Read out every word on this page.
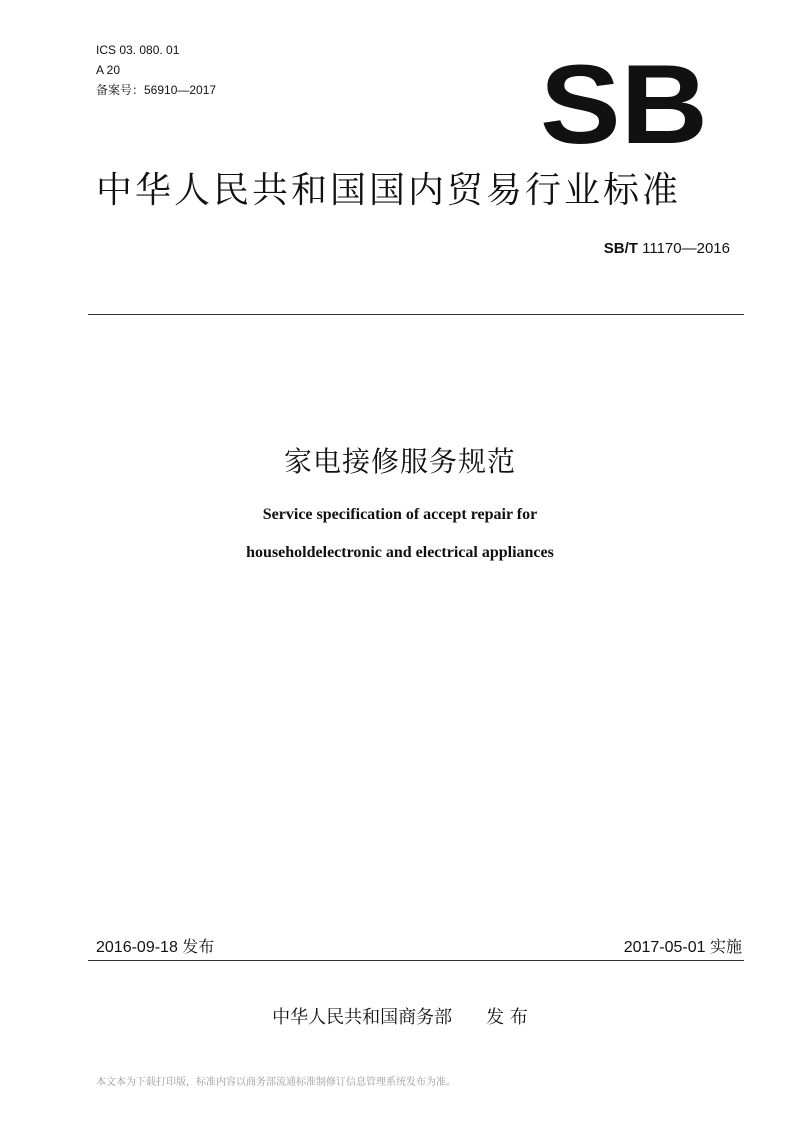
ICS 03. 080. 01
A 20
备案号：56910—2017	SB
中华人民共和国国内贸易行业标准
SB/T 11170—2016
家电接修服务规范
Service specification of accept repair for
householdelectronic and electrical appliances
2016-09-18 发布	2017-05-01 实施
中华人民共和国商务部 发 布
本文本为下载打印版，标准内容以商务部流通标准制修订信息管理系统发布为准。
